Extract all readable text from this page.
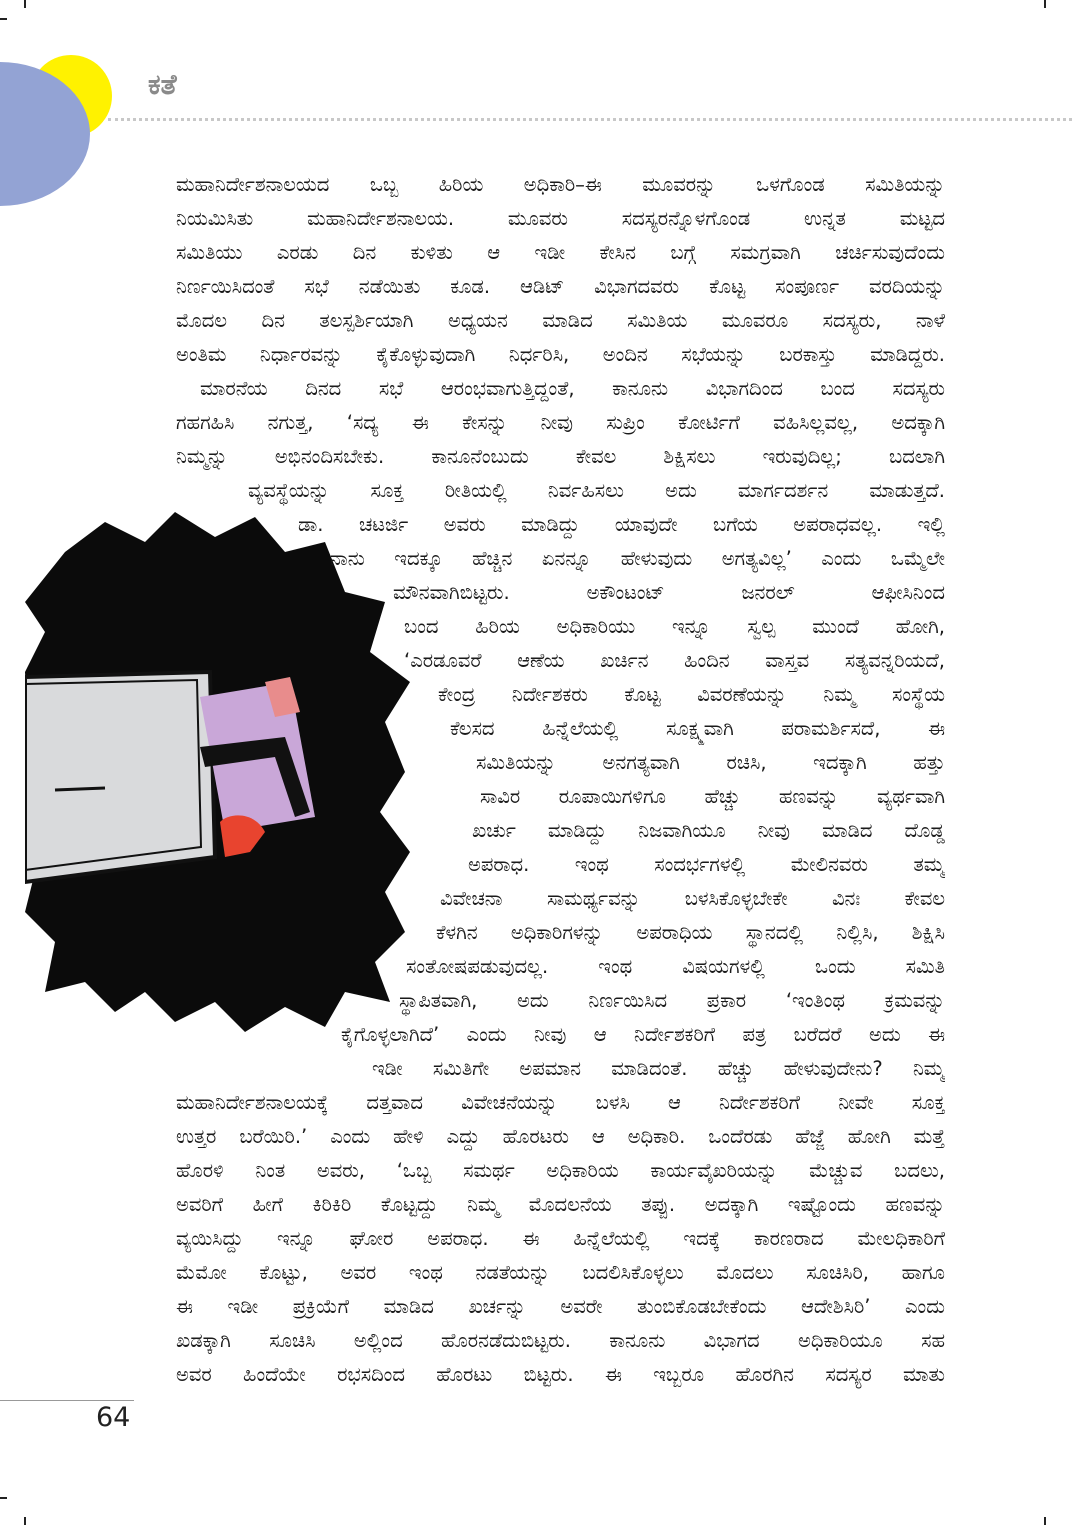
ಕತೆ
ಮಹಾನಿರ್ದೇಶನಾಲಯದ ಒಬ್ಬ ಹಿರಿಯ ಅಧಿಕಾರಿ–ಈ ಮೂವರನ್ನು ಒಳಗೊಂಡ ಸಮಿತಿಯನ್ನು
ನಿಯಮಿಸಿತು ಮಹಾನಿರ್ದೇಶನಾಲಯ. ಮೂವರು ಸದಸ್ಯರನ್ನೊಳಗೊಂಡ ಉನ್ನತ ಮಟ್ಟದ
ಸಮಿತಿಯು ಎರಡು ದಿನ ಕುಳಿತು ಆ ಇಡೀ ಕೇಸಿನ ಬಗ್ಗೆ ಸಮಗ್ರವಾಗಿ ಚರ್ಚಿಸುವುದೆಂದು
ನಿರ್ಣಯಿಸಿದಂತೆ ಸಭೆ ನಡೆಯಿತು ಕೂಡ. ಆಡಿಟ್ ವಿಭಾಗದವರು ಕೊಟ್ಟ ಸಂಪೂರ್ಣ ವರದಿಯನ್ನು
ಮೊದಲ ದಿನ ತಲಸ್ಪರ್ಶಿಯಾಗಿ ಅಧ್ಯಯನ ಮಾಡಿದ ಸಮಿತಿಯ ಮೂವರೂ ಸದಸ್ಯರು, ನಾಳೆ
ಅಂತಿಮ ನಿರ್ಧಾರವನ್ನು ಕೈಕೊಳ್ಳುವುದಾಗಿ ನಿರ್ಧರಿಸಿ, ಅಂದಿನ ಸಭೆಯನ್ನು ಬರಕಾಸ್ತು ಮಾಡಿದ್ದರು.
ಮಾರನೆಯ ದಿನದ ಸಭೆ ಆರಂಭವಾಗುತ್ತಿದ್ದಂತೆ, ಕಾನೂನು ವಿಭಾಗದಿಂದ ಬಂದ ಸದಸ್ಯರು
ಗಹಗಹಿಸಿ ನಗುತ್ತ, ‘ಸದ್ಯ ಈ ಕೇಸನ್ನು ನೀವು ಸುಪ್ರಿಂ ಕೋರ್ಟಿಗೆ ವಹಿಸಿಲ್ಲವಲ್ಲ, ಅದಕ್ಕಾಗಿ
ನಿಮ್ಮನ್ನು ಅಭಿನಂದಿಸಬೇಕು. ಕಾನೂನೆಂಬುದು ಕೇವಲ ಶಿಕ್ಷಿಸಲು ಇರುವುದಿಲ್ಲ; ಬದಲಾಗಿ
ವ್ಯವಸ್ಥೆಯನ್ನು ಸೂಕ್ತ ರೀತಿಯಲ್ಲಿ ನಿರ್ವಹಿಸಲು ಅದು ಮಾರ್ಗದರ್ಶನ ಮಾಡುತ್ತದೆ.
ಡಾ. ಚಟರ್ಜಿ ಅವರು ಮಾಡಿದ್ದು ಯಾವುದೇ ಬಗೆಯ ಅಪರಾಧವಲ್ಲ. ಇಲ್ಲಿ
ನಾನು ಇದಕ್ಕೂ ಹೆಚ್ಚಿನ ಏನನ್ನೂ ಹೇಳುವುದು ಅಗತ್ಯವಿಲ್ಲ’ ಎಂದು ಒಮ್ಮೆಲೇ
ಮೌನವಾಗಿಬಿಟ್ಟರು. ಅಕೌಂಟಂಟ್ ಜನರಲ್ ಆಫೀಸಿನಿಂದ
ಬಂದ ಹಿರಿಯ ಅಧಿಕಾರಿಯು ಇನ್ನೂ ಸ್ವಲ್ಪ ಮುಂದೆ ಹೋಗಿ,
‘ಎರಡೂವರೆ ಆಣೆಯ ಖರ್ಚಿನ ಹಿಂದಿನ ವಾಸ್ತವ ಸತ್ಯವನ್ನರಿಯದೆ,
ಕೇಂದ್ರ ನಿರ್ದೇಶಕರು ಕೊಟ್ಟ ವಿವರಣೆಯನ್ನು ನಿಮ್ಮ ಸಂಸ್ಥೆಯ
ಕೆಲಸದ ಹಿನ್ನೆಲೆಯಲ್ಲಿ ಸೂಕ್ಷ್ಮವಾಗಿ ಪರಾಮರ್ಶಿಸದೆ, ಈ
ಸಮಿತಿಯನ್ನು ಅನಗತ್ಯವಾಗಿ ರಚಿಸಿ, ಇದಕ್ಕಾಗಿ ಹತ್ತು
ಸಾವಿರ ರೂಪಾಯಿಗಳಿಗೂ ಹೆಚ್ಚು ಹಣವನ್ನು ವ್ಯರ್ಥವಾಗಿ
ಖರ್ಚು ಮಾಡಿದ್ದು ನಿಜವಾಗಿಯೂ ನೀವು ಮಾಡಿದ ದೊಡ್ಡ
ಅಪರಾಧ. ಇಂಥ ಸಂದರ್ಭಗಳಲ್ಲಿ ಮೇಲಿನವರು ತಮ್ಮ
ವಿವೇಚನಾ ಸಾಮರ್ಥ್ಯವನ್ನು ಬಳಸಿಕೊಳ್ಳಬೇಕೇ ವಿನಃ ಕೇವಲ
ಕೆಳಗಿನ ಅಧಿಕಾರಿಗಳನ್ನು ಅಪರಾಧಿಯ ಸ್ಥಾನದಲ್ಲಿ ನಿಲ್ಲಿಸಿ, ಶಿಕ್ಷಿಸಿ
ಸಂತೋಷಪಡುವುದಲ್ಲ. ಇಂಥ ವಿಷಯಗಳಲ್ಲಿ ಒಂದು ಸಮಿತಿ
ಸ್ಥಾಪಿತವಾಗಿ, ಅದು ನಿರ್ಣಯಿಸಿದ ಪ್ರಕಾರ ‘ಇಂತಿಂಥ ಕ್ರಮವನ್ನು
ಕೈಗೊಳ್ಳಲಾಗಿದೆ’ ಎಂದು ನೀವು ಆ ನಿರ್ದೇಶಕರಿಗೆ ಪತ್ರ ಬರೆದರೆ ಅದು ಈ
ಇಡೀ ಸಮಿತಿಗೇ ಅಪಮಾನ ಮಾಡಿದಂತೆ. ಹೆಚ್ಚು ಹೇಳುವುದೇನು? ನಿಮ್ಮ
ಮಹಾನಿರ್ದೇಶನಾಲಯಕ್ಕೆ ದತ್ತವಾದ ವಿವೇಚನೆಯನ್ನು ಬಳಸಿ ಆ ನಿರ್ದೇಶಕರಿಗೆ ನೀವೇ ಸೂಕ್ತ
ಉತ್ತರ ಬರೆಯಿರಿ.’ ಎಂದು ಹೇಳಿ ಎದ್ದು ಹೊರಟರು ಆ ಅಧಿಕಾರಿ. ಒಂದೆರಡು ಹೆಜ್ಜೆ ಹೋಗಿ ಮತ್ತೆ
ಹೊರಳಿ ನಿಂತ ಅವರು, ‘ಒಬ್ಬ ಸಮರ್ಥ ಅಧಿಕಾರಿಯ ಕಾರ್ಯವೈಖರಿಯನ್ನು ಮೆಚ್ಚುವ ಬದಲು,
ಅವರಿಗೆ ಹೀಗೆ ಕಿರಿಕಿರಿ ಕೊಟ್ಟದ್ದು ನಿಮ್ಮ ಮೊದಲನೆಯ ತಪ್ಪು. ಅದಕ್ಕಾಗಿ ಇಷ್ಟೊಂದು ಹಣವನ್ನು
ವ್ಯಯಿಸಿದ್ದು ಇನ್ನೂ ಘೋರ ಅಪರಾಧ. ಈ ಹಿನ್ನೆಲೆಯಲ್ಲಿ ಇದಕ್ಕೆ ಕಾರಣರಾದ ಮೇಲಧಿಕಾರಿಗೆ
ಮೆಮೋ ಕೊಟ್ಟು, ಅವರ ಇಂಥ ನಡತೆಯನ್ನು ಬದಲಿಸಿಕೊಳ್ಳಲು ಮೊದಲು ಸೂಚಿಸಿರಿ, ಹಾಗೂ
ಈ ಇಡೀ ಪ್ರಕ್ರಿಯೆಗೆ ಮಾಡಿದ ಖರ್ಚನ್ನು ಅವರೇ ತುಂಬಿಕೊಡಬೇಕೆಂದು ಆದೇಶಿಸಿರಿ’ ಎಂದು
ಖಡಕ್ಕಾಗಿ ಸೂಚಿಸಿ ಅಲ್ಲಿಂದ ಹೊರನಡೆದುಬಿಟ್ಟರು. ಕಾನೂನು ವಿಭಾಗದ ಅಧಿಕಾರಿಯೂ ಸಹ
ಅವರ ಹಿಂದೆಯೇ ರಭಸದಿಂದ ಹೊರಟು ಬಿಟ್ಟರು. ಈ ಇಬ್ಬರೂ ಹೊರಗಿನ ಸದಸ್ಯರ ಮಾತು
64
